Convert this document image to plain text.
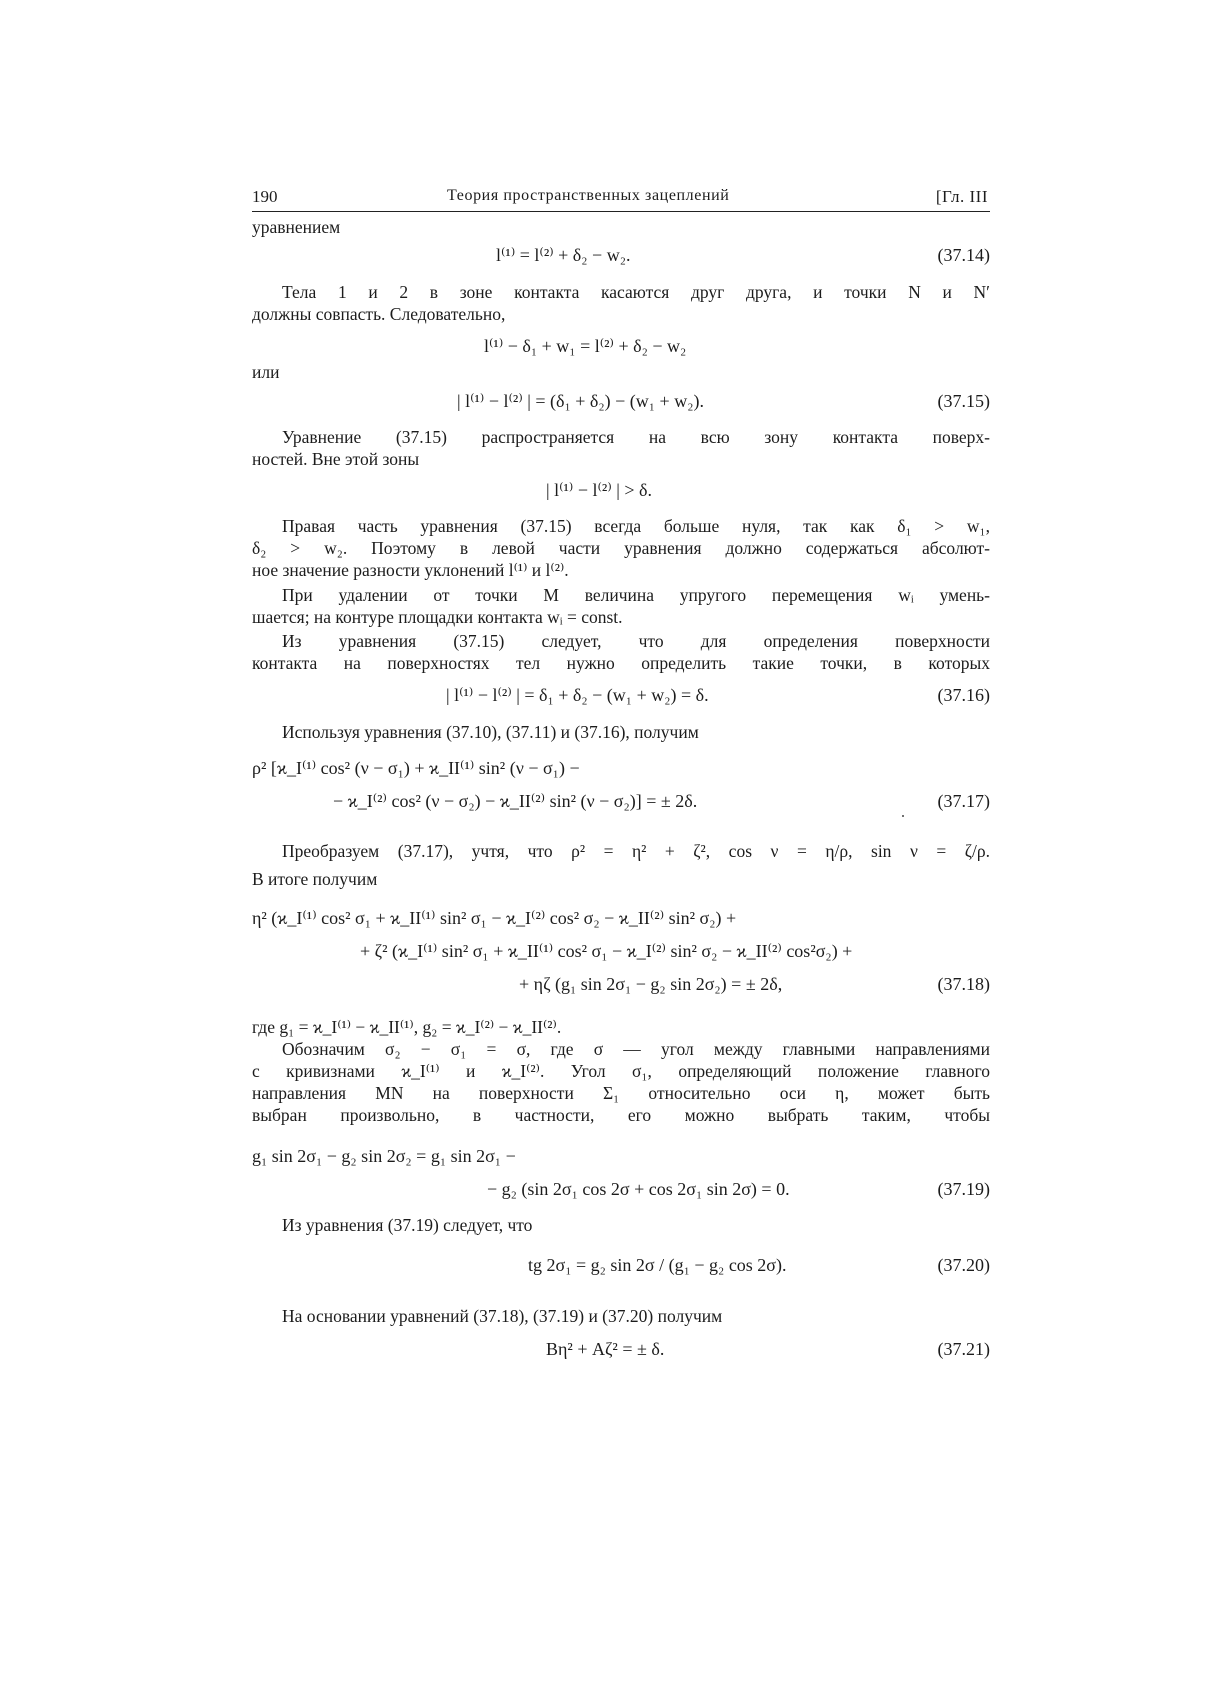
190	Теория пространственных зацеплений	[Гл. III
уравнением
l⁽¹⁾ = l⁽²⁾ + δ₂ − w₂.	(37.14)
Тела 1 и 2 в зоне контакта касаются друг друга, и точки N и N′
должны совпасть. Следовательно,
l⁽¹⁾ − δ₁ + w₁ = l⁽²⁾ + δ₂ − w₂
или
| l⁽¹⁾ − l⁽²⁾ | = (δ₁ + δ₂) − (w₁ + w₂).	(37.15)
Уравнение (37.15) распространяется на всю зону контакта поверх-
ностей. Вне этой зоны
| l⁽¹⁾ − l⁽²⁾ | > δ.
Правая часть уравнения (37.15) всегда больше нуля, так как δ₁ > w₁,
δ₂ > w₂. Поэтому в левой части уравнения должно содержаться абсолют-
ное значение разности уклонений l⁽¹⁾ и l⁽²⁾.
При удалении от точки M величина упругого перемещения wᵢ умень-
шается; на контуре площадки контакта wᵢ = const.
Из уравнения (37.15) следует, что для определения поверхности
контакта на поверхностях тел нужно определить такие точки, в которых
| l⁽¹⁾ − l⁽²⁾ | = δ₁ + δ₂ − (w₁ + w₂) = δ.	(37.16)
Используя уравнения (37.10), (37.11) и (37.16), получим
ρ² [ϰ_I⁽¹⁾ cos² (ν − σ₁) + ϰ_II⁽¹⁾ sin² (ν − σ₁) −
− ϰ_I⁽²⁾ cos² (ν − σ₂) − ϰ_II⁽²⁾ sin² (ν − σ₂)] = ± 2δ.	(37.17)
Преобразуем (37.17), учтя, что ρ² = η² + ζ², cos ν = η/ρ, sin ν = ζ/ρ.
В итоге получим
η² (ϰ_I⁽¹⁾ cos² σ₁ + ϰ_II⁽¹⁾ sin² σ₁ − ϰ_I⁽²⁾ cos² σ₂ − ϰ_II⁽²⁾ sin² σ₂) +
+ ζ² (ϰ_I⁽¹⁾ sin² σ₁ + ϰ_II⁽¹⁾ cos² σ₁ − ϰ_I⁽²⁾ sin² σ₂ − ϰ_II⁽²⁾ cos²σ₂) +
+ ηζ (g₁ sin 2σ₁ − g₂ sin 2σ₂) = ± 2δ,	(37.18)
где g₁ = ϰ_I⁽¹⁾ − ϰ_II⁽¹⁾, g₂ = ϰ_I⁽²⁾ − ϰ_II⁽²⁾.
Обозначим σ₂ − σ₁ = σ, где σ — угол между главными направлениями
с кривизнами ϰ_I⁽¹⁾ и ϰ_I⁽²⁾. Угол σ₁, определяющий положение главного
направления MN на поверхности Σ₁ относительно оси η, может быть
выбран произвольно, в частности, его можно выбрать таким, чтобы
g₁ sin 2σ₁ − g₂ sin 2σ₂ = g₁ sin 2σ₁ −
− g₂ (sin 2σ₁ cos 2σ + cos 2σ₁ sin 2σ) = 0.	(37.19)
Из уравнения (37.19) следует, что
tg 2σ₁ = g₂ sin 2σ / (g₁ − g₂ cos 2σ).	(37.20)
На основании уравнений (37.18), (37.19) и (37.20) получим
Bη² + Aζ² = ± δ.	(37.21)
